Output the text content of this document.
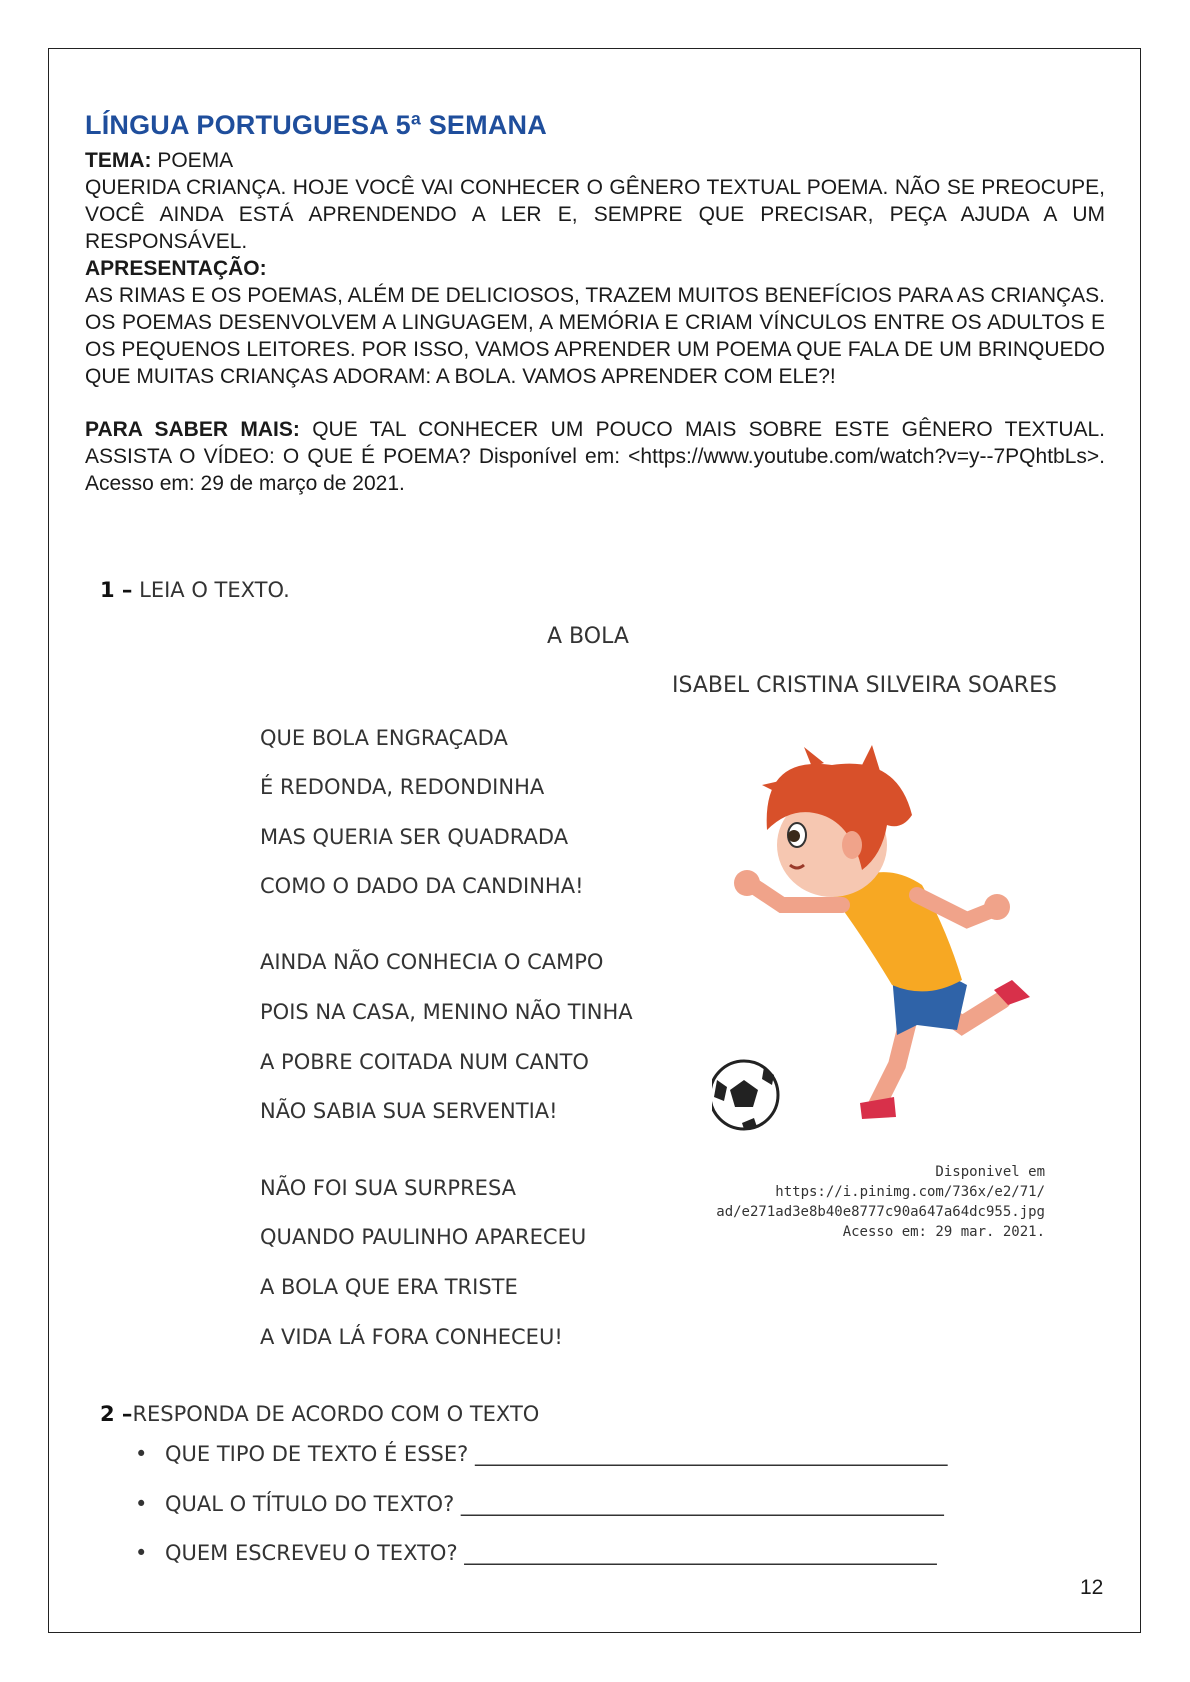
LÍNGUA PORTUGUESA 5ª SEMANA

TEMA: POEMA

QUERIDA CRIANÇA. HOJE VOCÊ VAI CONHECER O GÊNERO TEXTUAL POEMA. NÃO SE PREOCUPE, VOCÊ AINDA ESTÁ APRENDENDO A LER E, SEMPRE QUE PRECISAR, PEÇA AJUDA A UM RESPONSÁVEL.

APRESENTAÇÃO:

AS RIMAS E OS POEMAS, ALÉM DE DELICIOSOS, TRAZEM MUITOS BENEFÍCIOS PARA AS CRIANÇAS. OS POEMAS DESENVOLVEM A LINGUAGEM, A MEMÓRIA E CRIAM VÍNCULOS ENTRE OS ADULTOS E OS PEQUENOS LEITORES. POR ISSO, VAMOS APRENDER UM POEMA QUE FALA DE UM BRINQUEDO QUE MUITAS CRIANÇAS ADORAM: A BOLA. VAMOS APRENDER COM ELE?!

PARA SABER MAIS: QUE TAL CONHECER UM POUCO MAIS SOBRE ESTE GÊNERO TEXTUAL. ASSISTA O VÍDEO: O QUE É POEMA? Disponível em: <https://www.youtube.com/watch?v=y--7PQhtbLs>. Acesso em: 29 de março de 2021.

1 – LEIA O TEXTO.
A BOLA
ISABEL CRISTINA SILVEIRA SOARES
QUE BOLA ENGRAÇADA
É REDONDA, REDONDINHA
MAS QUERIA SER QUADRADA
COMO O DADO DA CANDINHA!
AINDA NÃO CONHECIA O CAMPO
POIS NA CASA, MENINO NÃO TINHA
A POBRE COITADA NUM CANTO
NÃO SABIA SUA SERVENTIA!
NÃO FOI SUA SURPRESA
QUANDO PAULINHO APARECEU
A BOLA QUE ERA TRISTE
A VIDA LÁ FORA CONHECEU!
Disponivel em https://i.pinimg.com/736x/e2/71/
ad/e271ad3e8b40e8777c90a647a64dc955.jpg
Acesso em: 29 mar. 2021.
2 –RESPONDA DE ACORDO COM O TEXTO
• QUE TIPO DE TEXTO É ESSE? _____________________________________________
• QUAL O TÍTULO DO TEXTO? ______________________________________________
• QUEM ESCREVEU O TEXTO? _____________________________________________
12
